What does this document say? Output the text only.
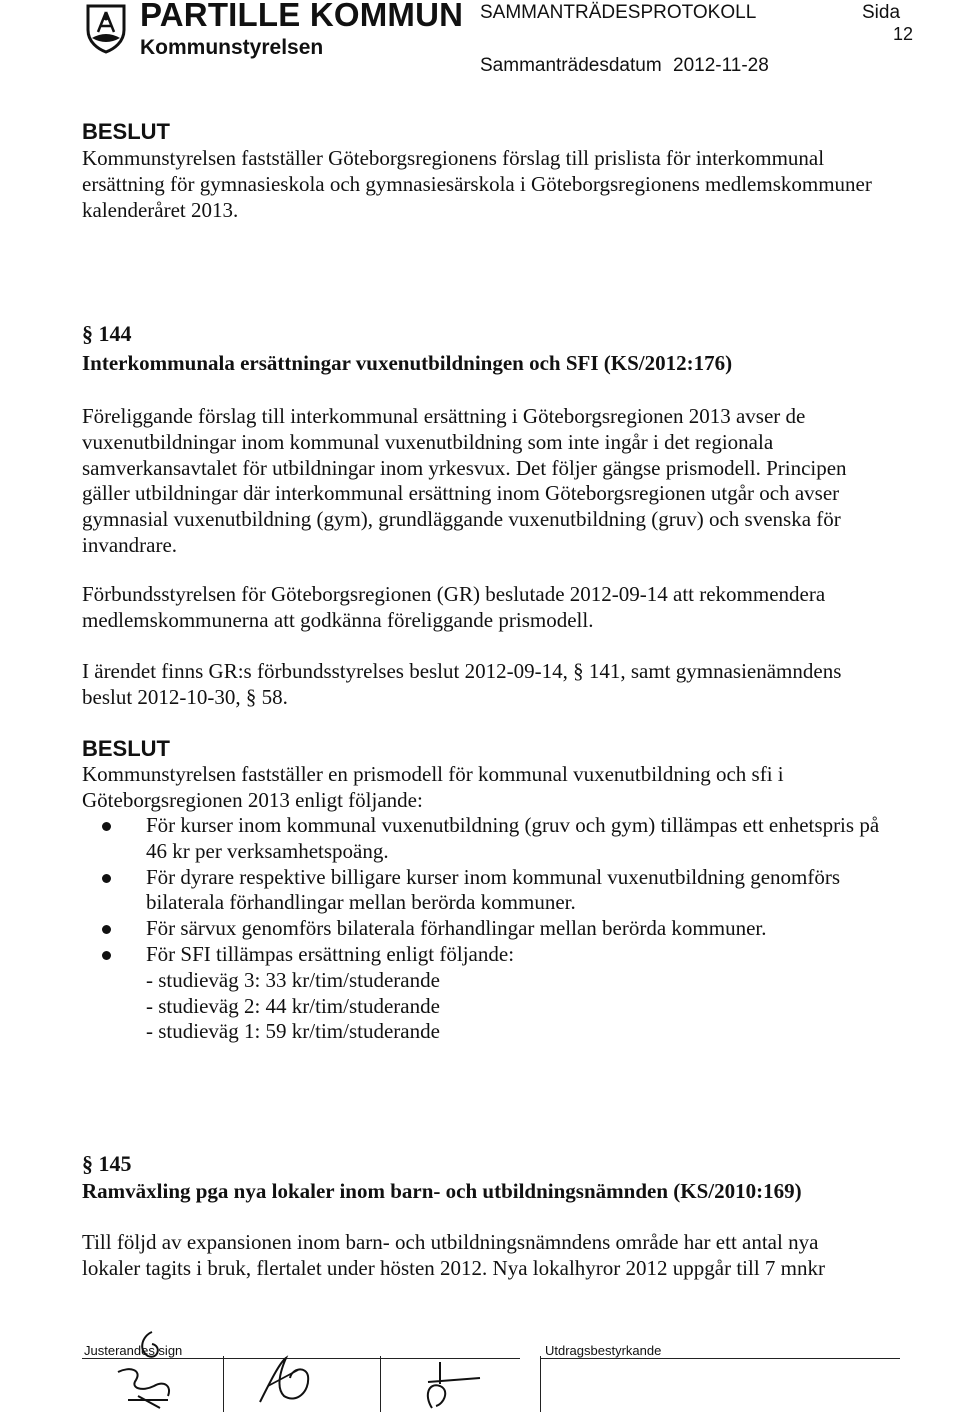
PARTILLE KOMMUN
Kommunstyrelsen
SAMMANTRÄDESPROTOKOLL	Sida
12
Sammanträdesdatum 2012-11-28
BESLUT
Kommunstyrelsen fastställer Göteborgsregionens förslag till prislista för interkommunal ersättning för gymnasieskola och gymnasiesärskola i Göteborgsregionens medlemskommuner kalenderåret 2013.
§ 144
Interkommunala ersättningar vuxenutbildningen och SFI (KS/2012:176)
Föreliggande förslag till interkommunal ersättning i Göteborgsregionen 2013 avser de vuxenutbildningar inom kommunal vuxenutbildning som inte ingår i det regionala samverkansavtalet för utbildningar inom yrkesvux. Det följer gängse prismodell. Principen gäller utbildningar där interkommunal ersättning inom Göteborgsregionen utgår och avser gymnasial vuxenutbildning (gym), grundläggande vuxenutbildning (gruv) och svenska för invandrare.
Förbundsstyrelsen för Göteborgsregionen (GR) beslutade 2012-09-14 att rekommendera medlemskommunerna att godkänna föreliggande prismodell.
I ärendet finns GR:s förbundsstyrelses beslut 2012-09-14, § 141, samt gymnasienämndens beslut 2012-10-30, § 58.
BESLUT
Kommunstyrelsen fastställer en prismodell för kommunal vuxenutbildning och sfi i Göteborgsregionen 2013 enligt följande:
För kurser inom kommunal vuxenutbildning (gruv och gym) tillämpas ett enhetspris på 46 kr per verksamhetspoäng.
För dyrare respektive billigare kurser inom kommunal vuxenutbildning genomförs bilaterala förhandlingar mellan berörda kommuner.
För särvux genomförs bilaterala förhandlingar mellan berörda kommuner.
För SFI tillämpas ersättning enligt följande:
- studieväg 3: 33 kr/tim/studerande
- studieväg 2: 44 kr/tim/studerande
- studieväg 1: 59 kr/tim/studerande
§ 145
Ramväxling pga nya lokaler inom barn- och utbildningsnämnden (KS/2010:169)
Till följd av expansionen inom barn- och utbildningsnämndens område har ett antal nya lokaler tagits i bruk, flertalet under hösten 2012. Nya lokalhyror 2012 uppgår till 7 mnkr
Justerandes sign	Utdragsbestyrkande
